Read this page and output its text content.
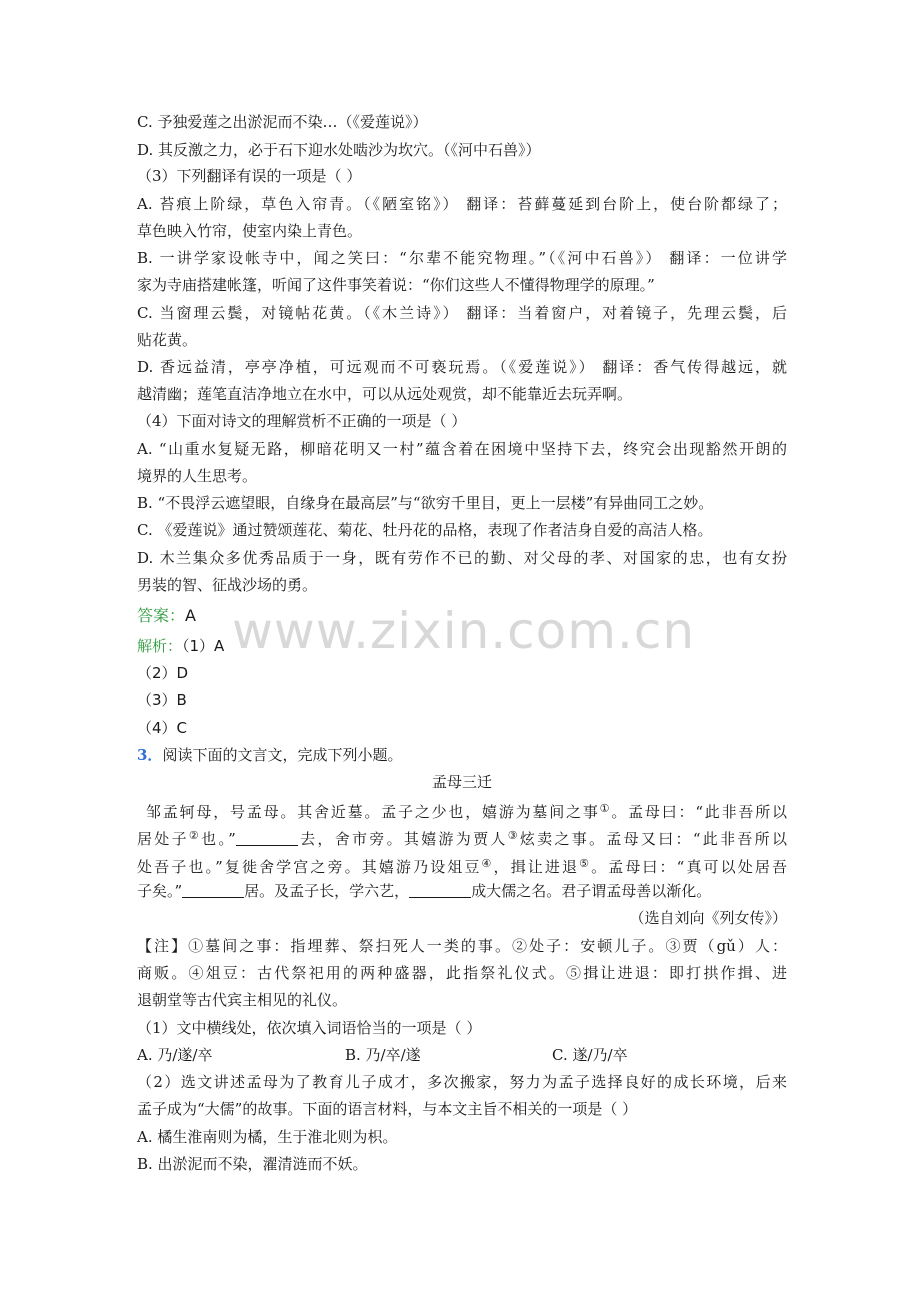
C. 予独爱莲之出淤泥而不染…（《爱莲说》）
D. 其反激之力，必于石下迎水处啮沙为坎穴。（《河中石兽》）
（3）下列翻译有误的一项是（ ）
A. 苔痕上阶绿，草色入帘青。（《陋室铭》） 翻译：苔藓蔓延到台阶上，使台阶都绿了；
草色映入竹帘，使室内染上青色。
B. 一讲学家设帐寺中，闻之笑曰：“尔辈不能究物理。”（《河中石兽》） 翻译：一位讲学
家为寺庙搭建帐篷，听闻了这件事笑着说：“你们这些人不懂得物理学的原理。”
C. 当窗理云鬓，对镜帖花黄。（《木兰诗》） 翻译：当着窗户，对着镜子，先理云鬓，后
贴花黄。
D. 香远益清，亭亭净植，可远观而不可亵玩焉。（《爱莲说》） 翻译：香气传得越远，就
越清幽；莲笔直洁净地立在水中，可以从远处观赏，却不能靠近去玩弄啊。
（4）下面对诗文的理解赏析不正确的一项是（ ）
A. “山重水复疑无路，柳暗花明又一村”蕴含着在困境中坚持下去，终究会出现豁然开朗的
境界的人生思考。
B. “不畏浮云遮望眼，自缘身在最高层”与“欲穷千里目，更上一层楼”有异曲同工之妙。
C. 《爱莲说》通过赞颂莲花、菊花、牡丹花的品格，表现了作者洁身自爱的高洁人格。
D. 木兰集众多优秀品质于一身，既有劳作不已的勤、对父母的孝、对国家的忠，也有女扮
男装的智、征战沙场的勇。
答案：A
解析：（1）A
（2）D
（3）B
（4）C
3．阅读下面的文言文，完成下列小题。
孟母三迁
邹孟轲母，号孟母。其舍近墓。孟子之少也，嬉游为墓间之事①。孟母曰：“此非吾所以
居处子②也。”	去，舍市旁。其嬉游为贾人③炫卖之事。孟母又曰：“此非吾所以
处吾子也。”复徙舍学宫之旁。其嬉游乃设俎豆④，揖让进退⑤。孟母曰：“真可以处居吾
子矣。”	居。及孟子长，学六艺，	成大儒之名。君子谓孟母善以渐化。
（选自刘向《列女传》）
【注】①墓间之事：指埋葬、祭扫死人一类的事。②处子：安顿儿子。③贾（gǔ）人：
商贩。④俎豆：古代祭祀用的两种盛器，此指祭礼仪式。⑤揖让进退：即打拱作揖、进
退朝堂等古代宾主相见的礼仪。
（1）文中横线处，依次填入词语恰当的一项是（ ）
A. 乃/遂/卒	B. 乃/卒/遂	C. 遂/乃/卒
（2）选文讲述孟母为了教育儿子成才，多次搬家，努力为孟子选择良好的成长环境，后来
孟子成为“大儒”的故事。下面的语言材料，与本文主旨不相关的一项是（ ）
A. 橘生淮南则为橘，生于淮北则为枳。
B. 出淤泥而不染，濯清涟而不妖。
www.zixin.com.cn
